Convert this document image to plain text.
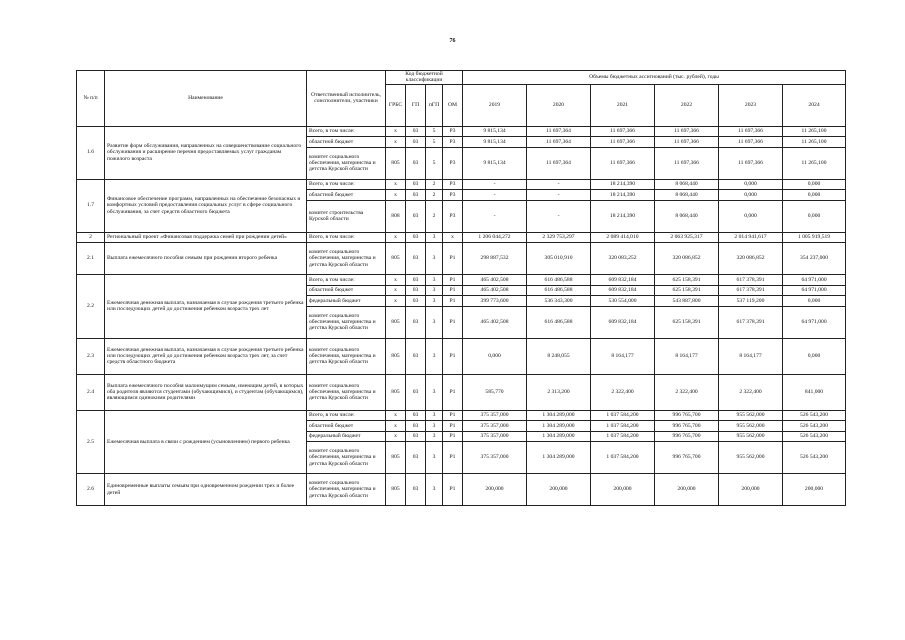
76
№ п/п	Наименование	Ответственный исполнитель, соисполнители, участники	Код бюджетной классификации				Объемы бюджетных ассигнований (тыс. рублей), годы					
			ГРБС	ГП	пГП	ОМ	2019	2020	2021	2022	2023	2024
1.6	Развитие форм обслуживания, направленных на совершенствование социального обслуживания и расширение перечня предоставляемых услуг гражданам пожилого возраста	Всего, в том числе:	x	03	5	Р3	9 815,134	11 697,364	11 697,366	11 697,366	11 697,366	11 265,100
		областной бюджет	x	03	5	Р3	9 815,134	11 697,364	11 697,366	11 697,366	11 697,366	11 265,100
		комитет социального обеспечения, материнства и детства Курской области	805	03	5	Р3	9 815,134	11 697,364	11 697,366	11 697,366	11 697,366	11 265,100
1.7	Финансовое обеспечение программ, направленных на обеспечение безопасных и комфортных условий предоставления социальных услуг в сфере социального обслуживания, за счет средств областного бюджета	Всего, в том числе:	x	03	2	Р3	-	-	18 214,390	8 068,440	0,000	0,000
		областной бюджет	x	03	2	Р3	-	-	18 214,390	8 068,440	0,000	0,000
		комитет строительства Курской области	808	03	2	Р3	-	-	18 214,390	8 068,440	0,000	0,000
2	Региональный проект «Финансовая поддержка семей при рождении детей»	Всего, в том числе:	x	03	3	x	1 206 044,272	2 329 753,297	2 089 414,010	2 063 925,317	2 014 941,617	1 005 919,519
2.1	Выплата ежемесячного пособия семьям при рождении второго ребенка	комитет социального обеспечения, материнства и детства Курской области	805	03	3	Р1	298 887,532	305 010,910	320 083,252	320 086,852	320 086,852	354 237,000
2.2	Ежемесячная денежная выплата, назначаемая в случае рождения третьего ребенка или последующих детей до достижения ребенком возраста трех лет	Всего, в том числе:	x	03	3	Р1	465 402,508	616 486,588	609 832,184	625 158,391	617 378,391	64 971,000
		областной бюджет	x	03	3	Р1	465 402,508	616 486,588	609 832,184	625 158,391	617 378,391	64 971,000
		федеральный бюджет	x	03	3	Р1	399 773,600	536 343,300	530 554,000	543 887,800	537 119,200	0,000
		комитет социального обеспечения, материнства и детства Курской области	805	03	3	Р1	465 402,508	616 486,588	609 832,184	625 158,391	617 378,391	64 971,000
2.3	Ежемесячная денежная выплата, назначаемая в случае рождения третьего ребенка или последующих детей до достижения ребенком возраста трех лет, за счет средств областного бюджета	комитет социального обеспечения, материнства и детства Курской области	805	03	3	Р1	0,000	8 248,055	8 164,177	8 164,177	8 164,177	0,000
2.4	Выплата ежемесячного пособия малоимущим семьям, имеющим детей, в которых оба родителя являются студентами (обучающимися), и студентам (обучающимся), являющимся одинокими родителями	комитет социального обеспечения, материнства и детства Курской области	805	03	3	Р1	585,770	2 313,200	2 322,400	2 322,400	2 322,400	841,000
2.5	Ежемесячная выплата в связи с рождением (усыновлением) первого ребенка	Всего, в том числе:	x	03	3	Р1	375 357,000	1 304 289,000	1 037 584,200	996 765,700	955 562,000	526 543,200
		областной бюджет	x	03	3	Р1	375 357,000	1 304 289,000	1 037 584,200	996 765,700	955 562,000	526 543,200
		федеральный бюджет	x	03	3	Р1	375 357,000	1 304 289,000	1 037 584,200	996 765,700	955 562,000	526 543,200
		комитет социального обеспечения, материнства и детства Курской области	805	03	3	Р1	375 357,000	1 304 289,000	1 037 584,200	996 765,700	955 562,000	526 543,200
2.6	Единовременные выплаты семьям при одновременном рождении трех и более детей	комитет социального обеспечения, материнства и детства Курской области	805	03	3	Р1	200,000	200,000	200,000	200,000	200,000	200,000
